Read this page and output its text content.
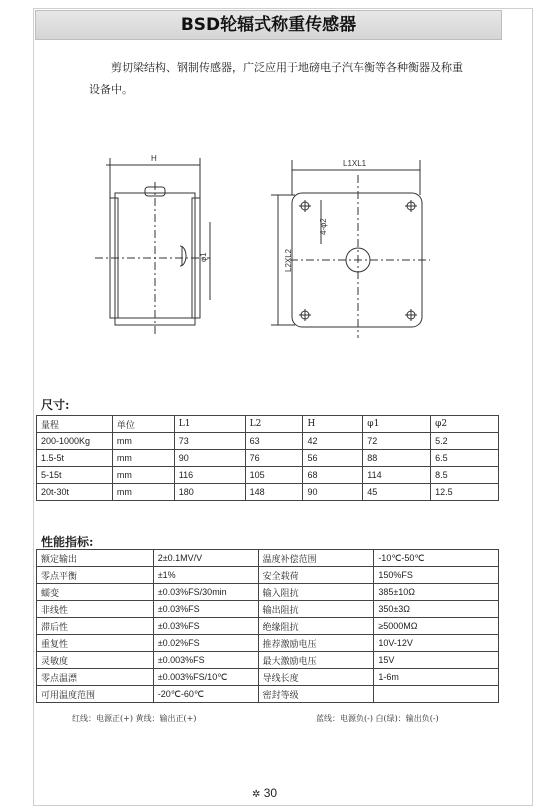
BSD轮辐式称重传感器

剪切梁结构、钢制传感器，广泛应用于地磅电子汽车衡等各种衡器及称重设备中。

H
φ1
L1XL1
L2XL2
4-φ2
尺寸:
量程	单位	L1	L2	H	φ1	φ2
200-1000Kg	mm	73	63	42	72	5.2
1.5-5t	mm	90	76	56	88	6.5
5-15t	mm	116	105	68	114	8.5
20t-30t	mm	180	148	90	45	12.5
性能指标:
额定输出	2±0.1MV/V	温度补偿范围	-10℃-50℃
零点平衡	±1%	安全载荷	150%FS
蠕变	±0.03%FS/30min	输入阻抗	385±10Ω
非线性	±0.03%FS	输出阻抗	350±3Ω
滞后性	±0.03%FS	绝缘阻抗	≥5000MΩ
重复性	±0.02%FS	推荐激励电压	10V-12V
灵敏度	±0.003%FS	最大激励电压	15V
零点温漂	±0.003%FS/10℃	导线长度	1-6m
可用温度范围	-20℃-60℃	密封等级	
红线：电源正(+) 黄线：输出正(+)	蓝线：电源负(-) 白(绿)：输出负(-)
✲ 30
